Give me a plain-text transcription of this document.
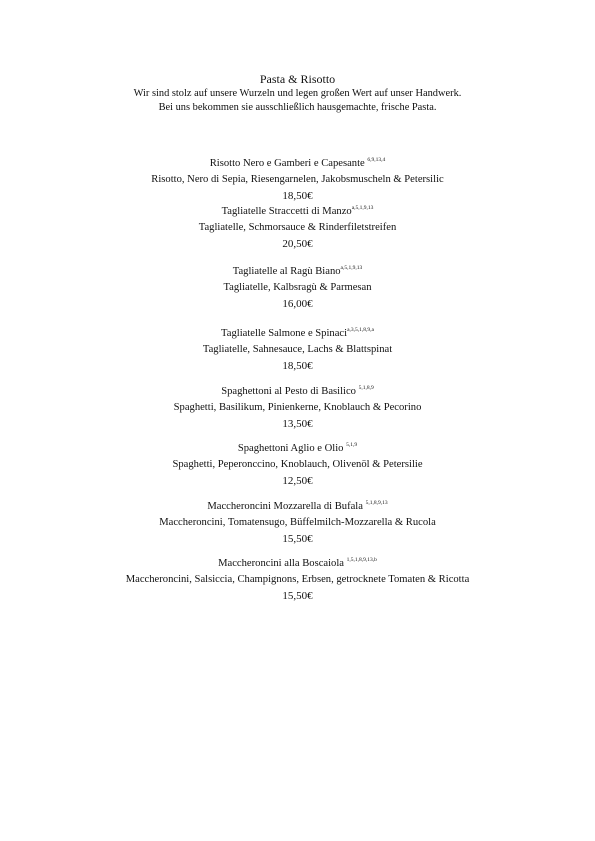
Pasta & Risotto
Wir sind stolz auf unsere Wurzeln und legen großen Wert auf unser Handwerk.
Bei uns bekommen sie ausschließlich hausgemachte, frische Pasta.
Risotto Nero e Gamberi e Capesante $^{6,9,13,4}$
Risotto, Nero di Sepia, Riesengarnelen, Jakobsmuscheln & Petersilic
18,50€
Tagliatelle Straccetti di Manzo$^{a,5,1,9,13}$
Tagliatelle, Schmorsauce & Rinderfiletstreifen
20,50€
Tagliatelle al Ragù Biano$^{a,5,1,9,13}$
Tagliatelle, Kalbsragù & Parmesan
16,00€
Tagliatelle Salmone e Spinaci$^{a,3,5,1,8,9,a}$
Tagliatelle, Sahnesauce, Lachs & Blattspinat
18,50€
Spaghettoni al Pesto di Basilico $^{5,1,8,9}$
Spaghetti, Basilikum, Pinienkerne, Knoblauch & Pecorino
13,50€
Spaghettoni Aglio e Olio $^{5,1,9}$
Spaghetti, Peperonccino, Knoblauch, Olivenöl & Petersilie
12,50€
Maccheroncini Mozzarella di Bufala $^{5,1,8,9,13}$
Maccheroncini, Tomatensugo, Büffelmilch-Mozzarella & Rucola
15,50€
Maccheroncini alla Boscaiola $^{1,5,1,8,9,13,b}$
Maccheroncini, Salsiccia, Champignons, Erbsen, getrocknete Tomaten & Ricotta
15,50€
